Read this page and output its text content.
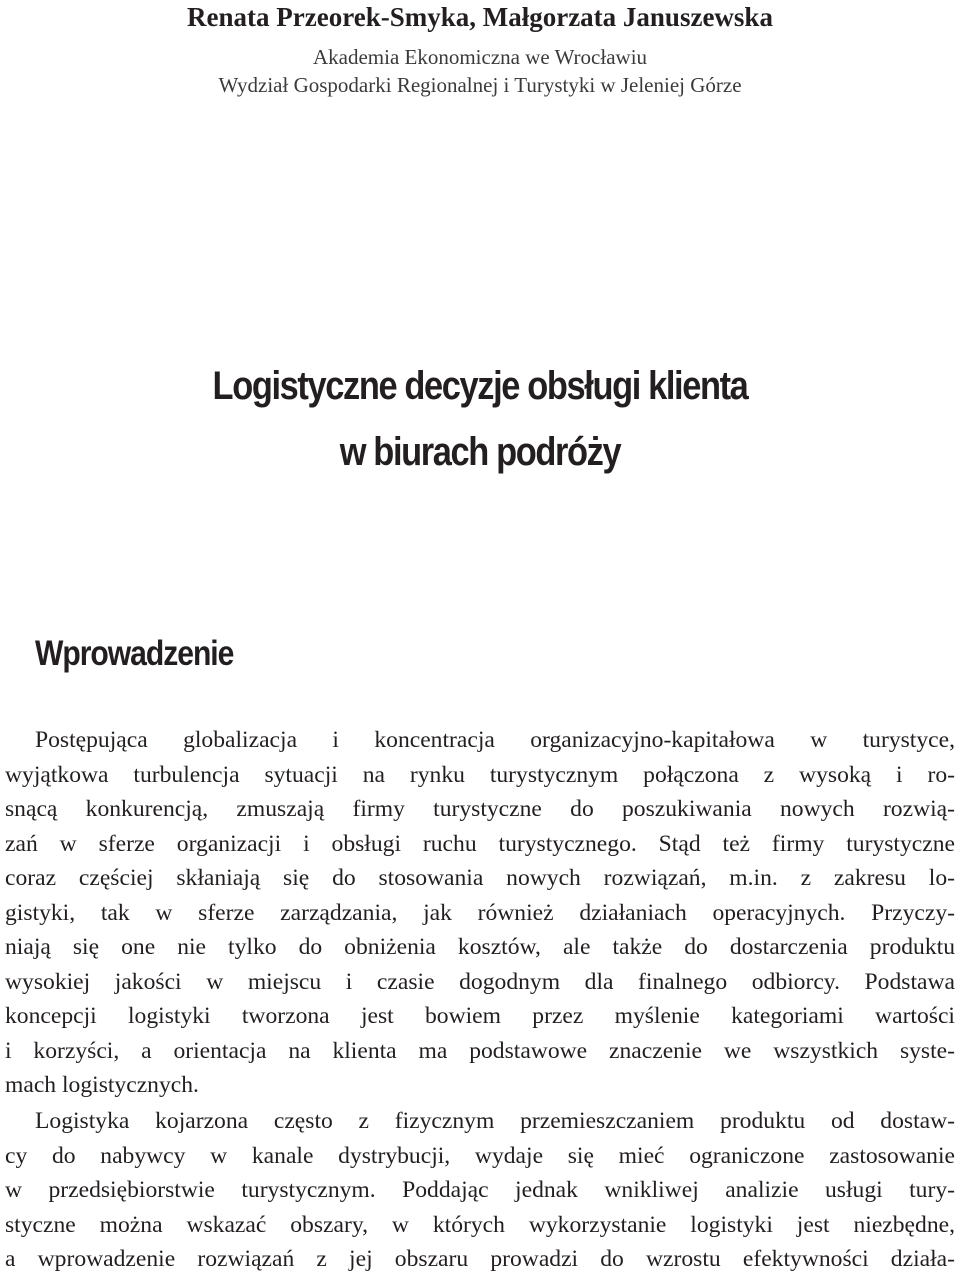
Renata Przeorek-Smyka, Małgorzata Januszewska
Akademia Ekonomiczna we Wrocławiu
Wydział Gospodarki Regionalnej i Turystyki w Jeleniej Górze
Logistyczne decyzje obsługi klienta
w biurach podróży
Wprowadzenie
Postępująca globalizacja i koncentracja organizacyjno-kapitałowa w turystyce,
wyjątkowa turbulencja sytuacji na rynku turystycznym połączona z wysoką i ro-
snącą konkurencją, zmuszają firmy turystyczne do poszukiwania nowych rozwią-
zań w sferze organizacji i obsługi ruchu turystycznego. Stąd też firmy turystyczne
coraz częściej skłaniają się do stosowania nowych rozwiązań, m.in. z zakresu lo-
gistyki, tak w sferze zarządzania, jak również działaniach operacyjnych. Przyczy-
niają się one nie tylko do obniżenia kosztów, ale także do dostarczenia produktu
wysokiej jakości w miejscu i czasie dogodnym dla finalnego odbiorcy. Podstawa
koncepcji logistyki tworzona jest bowiem przez myślenie kategoriami wartości
i korzyści, a orientacja na klienta ma podstawowe znaczenie we wszystkich syste-
mach logistycznych.
Logistyka kojarzona często z fizycznym przemieszczaniem produktu od dostaw-
cy do nabywcy w kanale dystrybucji, wydaje się mieć ograniczone zastosowanie
w przedsiębiorstwie turystycznym. Poddając jednak wnikliwej analizie usługi tury-
styczne można wskazać obszary, w których wykorzystanie logistyki jest niezbędne,
a wprowadzenie rozwiązań z jej obszaru prowadzi do wzrostu efektywności działa-
